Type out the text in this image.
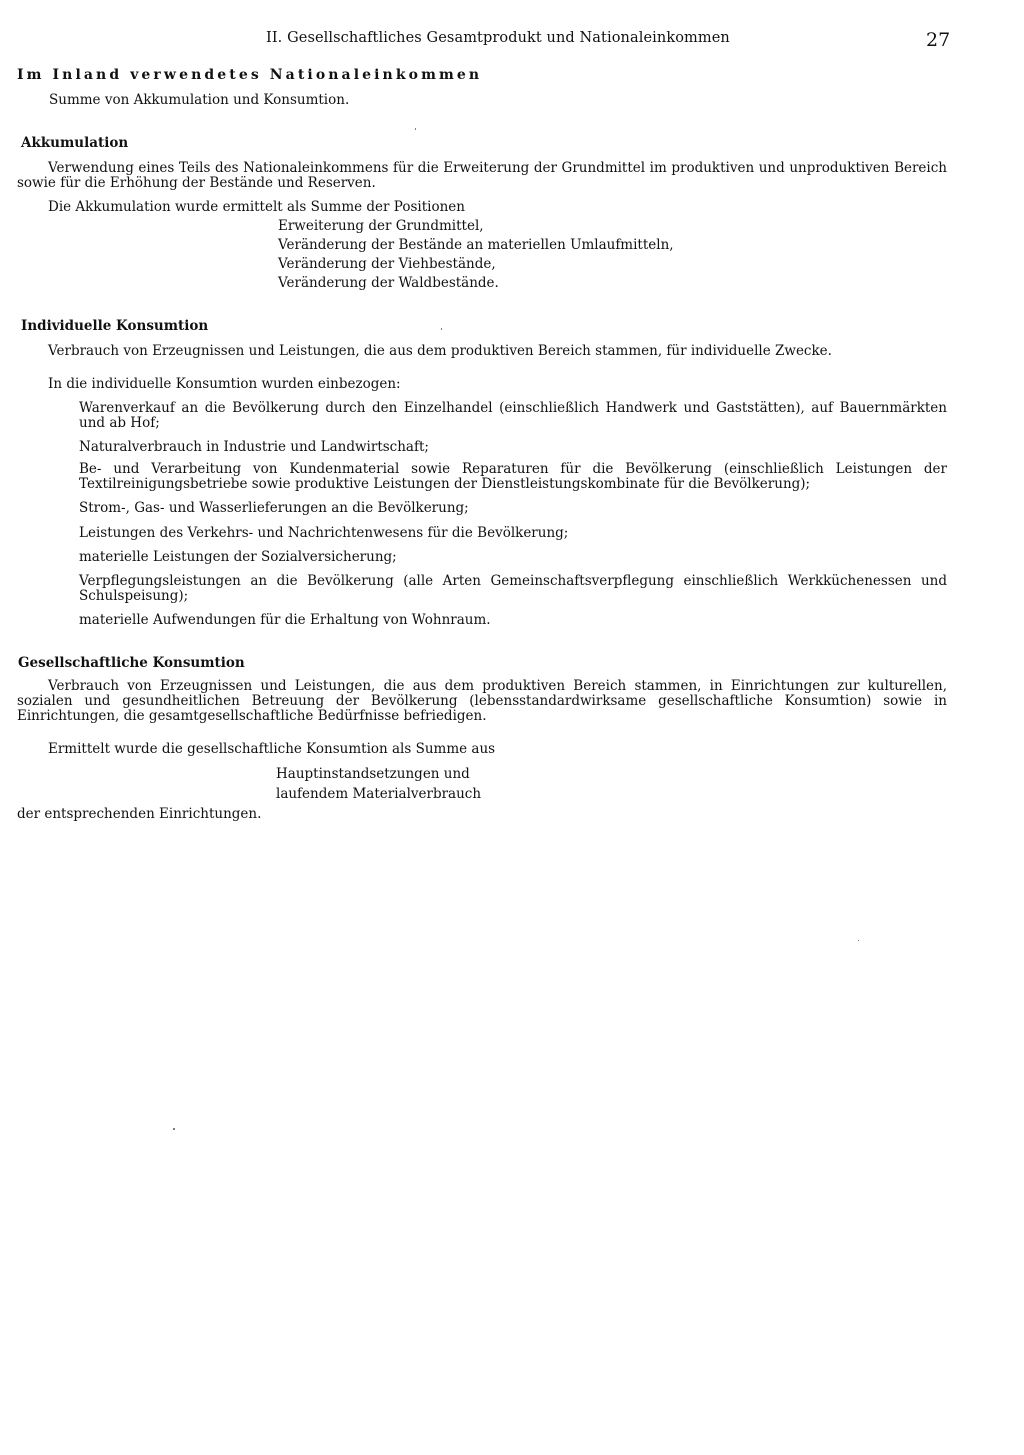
II. Gesellschaftliches Gesamtprodukt und Nationaleinkommen	27
Im Inland verwendetes Nationaleinkommen
Summe von Akkumulation und Konsumtion.
Akkumulation
Verwendung eines Teils des Nationaleinkommens für die Erweiterung der Grundmittel im produktiven und unproduktiven Bereich sowie für die Erhöhung der Bestände und Reserven.
Die Akkumulation wurde ermittelt als Summe der Positionen
Erweiterung der Grundmittel,
Veränderung der Bestände an materiellen Umlaufmitteln,
Veränderung der Viehbestände,
Veränderung der Waldbestände.
Individuelle Konsumtion
Verbrauch von Erzeugnissen und Leistungen, die aus dem produktiven Bereich stammen, für individuelle Zwecke.
In die individuelle Konsumtion wurden einbezogen:
Warenverkauf an die Bevölkerung durch den Einzelhandel (einschließlich Handwerk und Gaststätten), auf Bauernmärkten und ab Hof;
Naturalverbrauch in Industrie und Landwirtschaft;
Be- und Verarbeitung von Kundenmaterial sowie Reparaturen für die Bevölkerung (einschließlich Leistungen der Textilreinigungsbetriebe sowie produktive Leistungen der Dienstleistungskombinate für die Bevölkerung);
Strom-, Gas- und Wasserlieferungen an die Bevölkerung;
Leistungen des Verkehrs- und Nachrichtenwesens für die Bevölkerung;
materielle Leistungen der Sozialversicherung;
Verpflegungsleistungen an die Bevölkerung (alle Arten Gemeinschaftsverpflegung einschließlich Werkküchenessen und Schulspeisung);
materielle Aufwendungen für die Erhaltung von Wohnraum.
Gesellschaftliche Konsumtion
Verbrauch von Erzeugnissen und Leistungen, die aus dem produktiven Bereich stammen, in Einrichtungen zur kulturellen, sozialen und gesundheitlichen Betreuung der Bevölkerung (lebensstandardwirksame gesellschaftliche Konsumtion) sowie in Einrichtungen, die gesamtgesellschaftliche Bedürfnisse befriedigen.
Ermittelt wurde die gesellschaftliche Konsumtion als Summe aus
Hauptinstandsetzungen und
laufendem Materialverbrauch
der entsprechenden Einrichtungen.
